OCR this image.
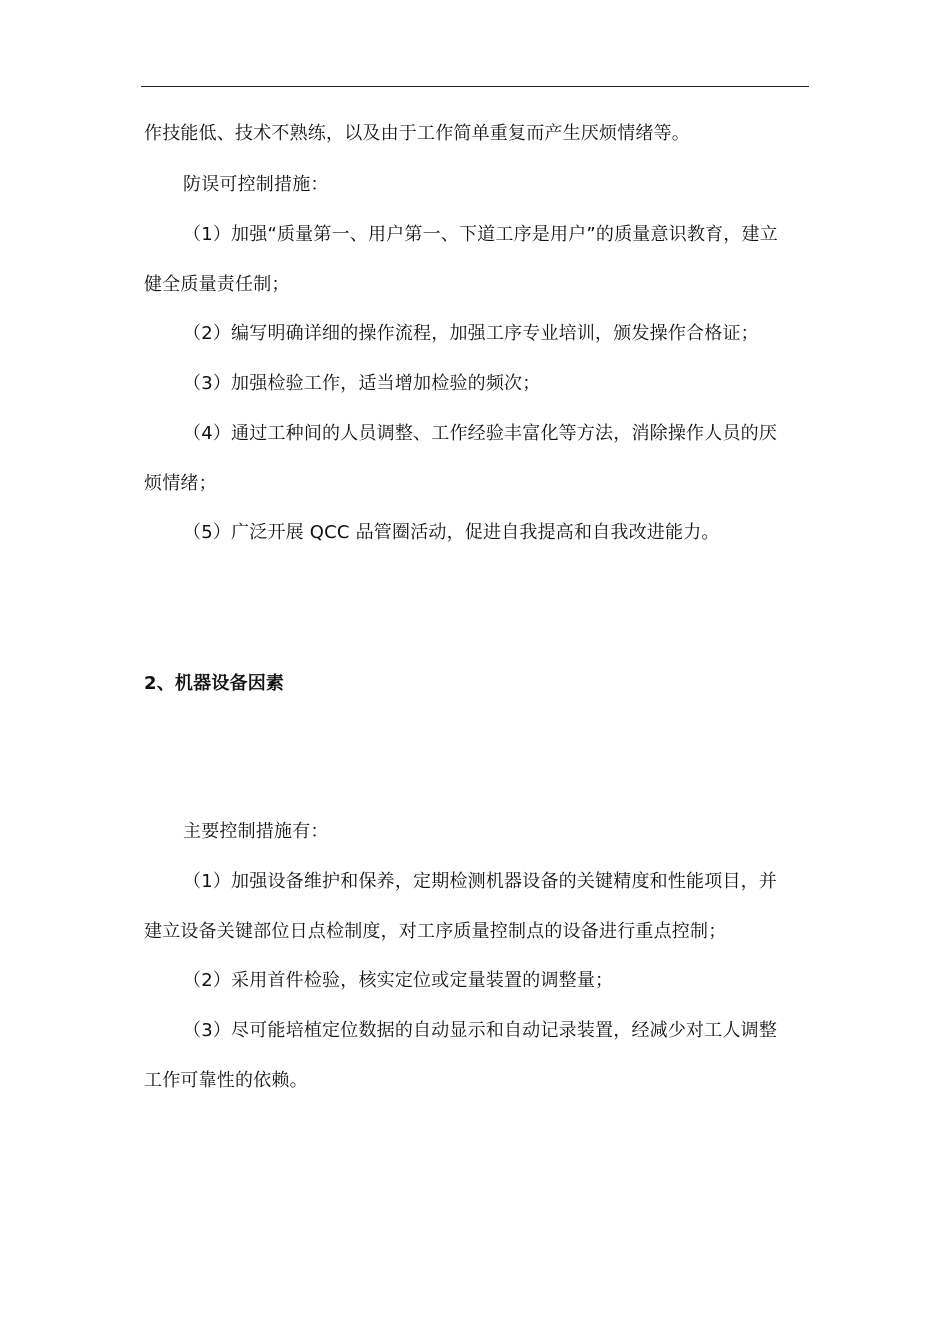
作技能低、技术不熟练，以及由于工作简单重复而产生厌烦情绪等。
防误可控制措施：
（1）加强“质量第一、用户第一、下道工序是用户”的质量意识教育，建立
健全质量责任制；
（2）编写明确详细的操作流程，加强工序专业培训，颁发操作合格证；
（3）加强检验工作，适当增加检验的频次；
（4）通过工种间的人员调整、工作经验丰富化等方法，消除操作人员的厌
烦情绪；
（5）广泛开展 QCC 品管圈活动，促进自我提高和自我改进能力。
2、机器设备因素
主要控制措施有：
（1）加强设备维护和保养，定期检测机器设备的关键精度和性能项目，并
建立设备关键部位日点检制度，对工序质量控制点的设备进行重点控制；
（2）采用首件检验，核实定位或定量装置的调整量；
（3）尽可能培植定位数据的自动显示和自动记录装置，经减少对工人调整
工作可靠性的依赖。
